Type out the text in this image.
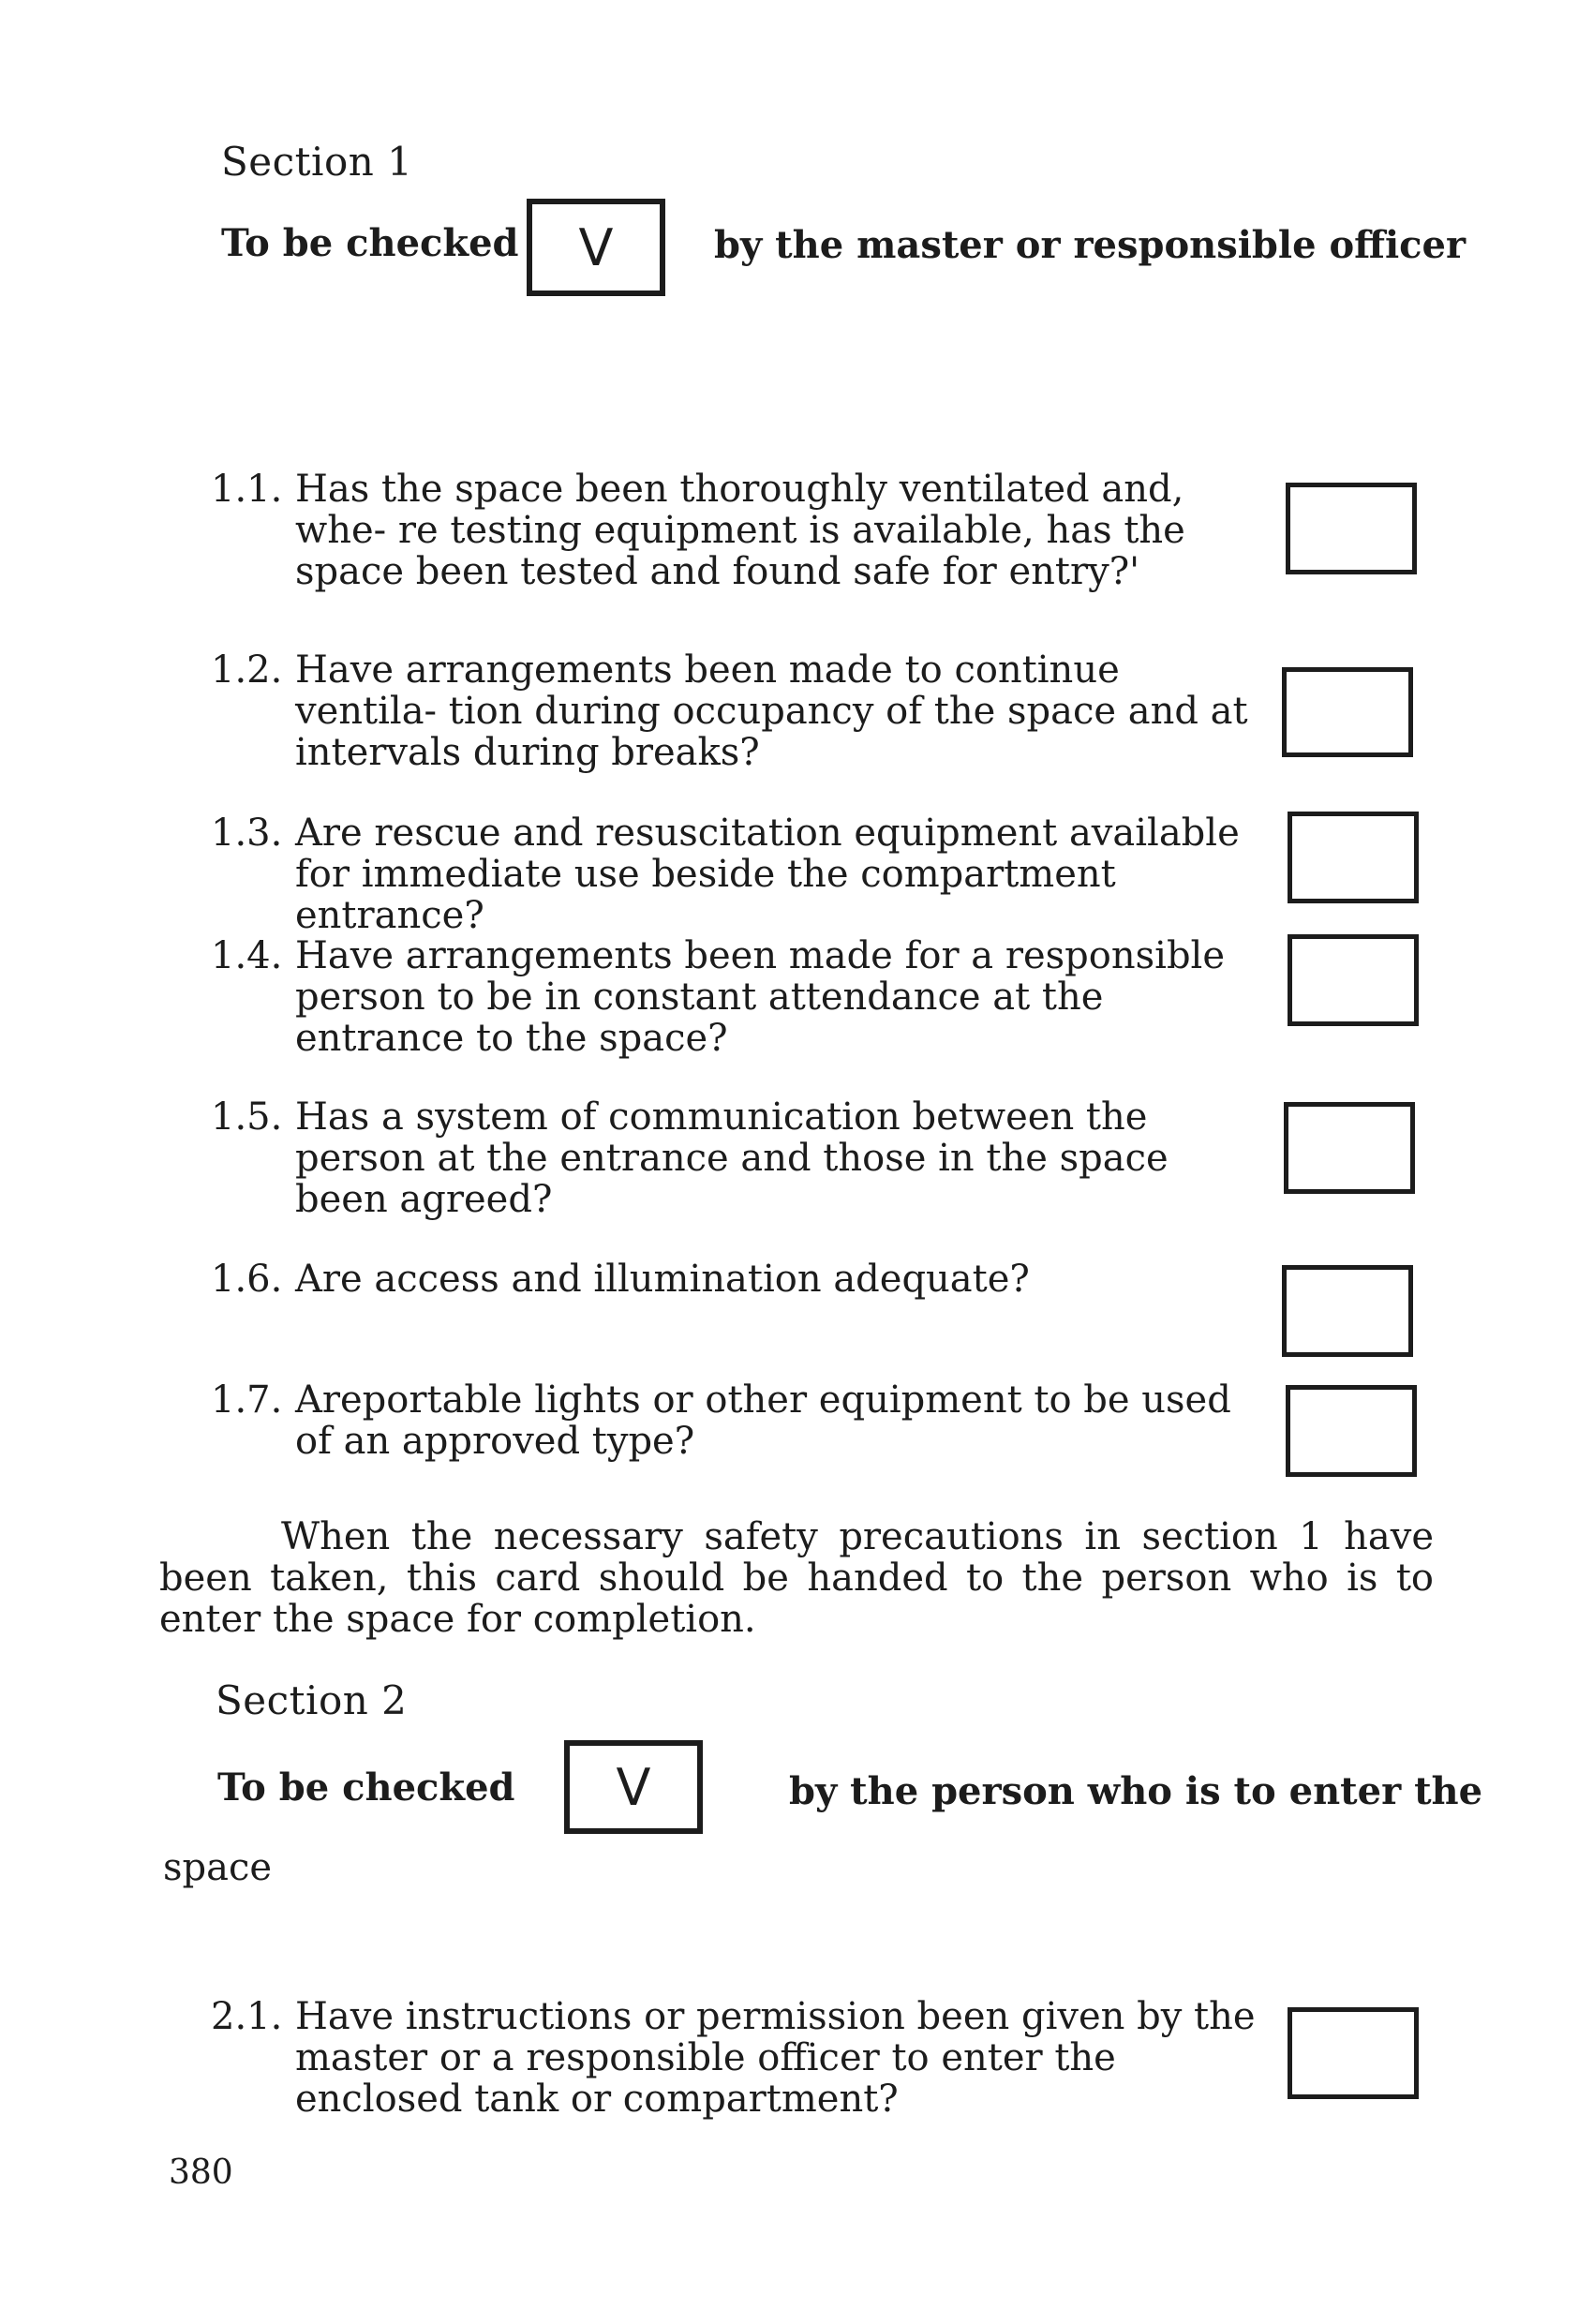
Section 1
To be checked V	by the master or responsible officer
1.1. Has the space been thoroughly ventilated and, whe- re testing equipment is available, has the space been tested and found safe for entry?'
1.2. Have arrangements been made to continue ventila- tion during occupancy of the space and at intervals during breaks?
1.3. Are rescue and resuscitation equipment available for immediate use beside the compartment entrance?
1.4. Have arrangements been made for a responsible person to be in constant attendance at the entrance to the space?
1.5. Has a system of communication between the person at the entrance and those in the space been agreed?
1.6. Are access and illumination adequate?
1.7. Areportable lights or other equipment to be used of an approved type?
When the necessary safety precautions in section 1 have been taken, this card should be handed to the person who is to enter the space for completion.
Section 2
To be checked V	by the person who is to enter the
space
2.1. Have instructions or permission been given by the master or a responsible officer to enter the enclosed tank or compartment?
380
